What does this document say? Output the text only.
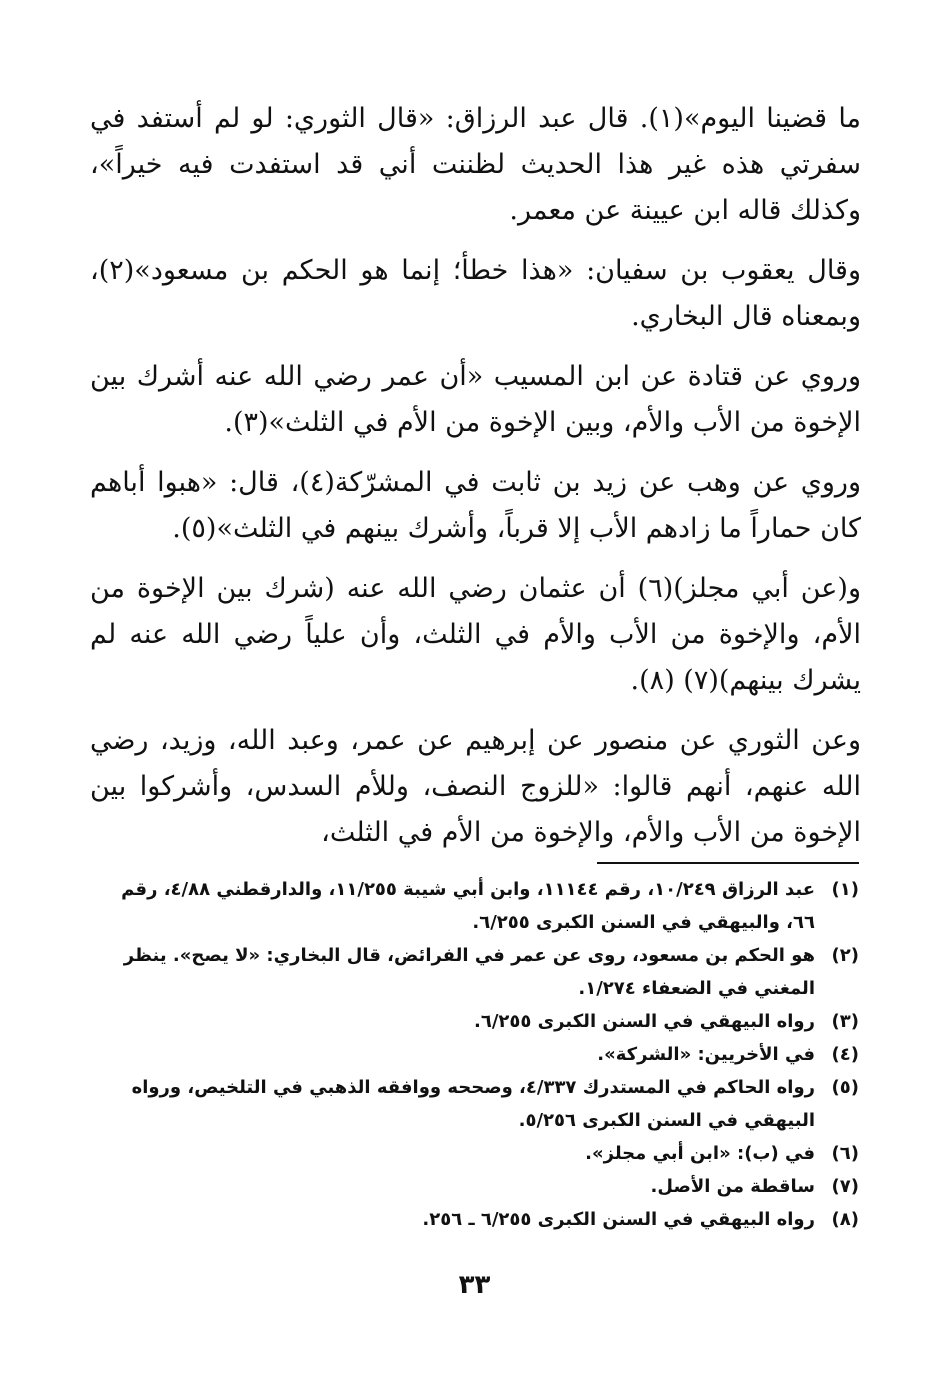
ما قضينا اليوم»(١). قال عبد الرزاق: «قال الثوري: لو لم أستفد في سفرتي هذه غير هذا الحديث لظننت أني قد استفدت فيه خيراً»، وكذلك قاله ابن عيينة عن معمر.

وقال يعقوب بن سفيان: «هذا خطأ؛ إنما هو الحكم بن مسعود»(٢)، وبمعناه قال البخاري.

وروي عن قتادة عن ابن المسيب «أن عمر رضي الله عنه أشرك بين الإخوة من الأب والأم، وبين الإخوة من الأم في الثلث»(٣).

وروي عن وهب عن زيد بن ثابت في المشرّكة(٤)، قال: «هبوا أباهم كان حماراً ما زادهم الأب إلا قرباً، وأشرك بينهم في الثلث»(٥).

و(عن أبي مجلز)(٦) أن عثمان رضي الله عنه (شرك بين الإخوة من الأم، والإخوة من الأب والأم في الثلث، وأن علياً رضي الله عنه لم يشرك بينهم)(٧) (٨).

وعن الثوري عن منصور عن إبرهيم عن عمر، وعبد الله، وزيد، رضي الله عنهم، أنهم قالوا: «للزوج النصف، وللأم السدس، وأشركوا بين الإخوة من الأب والأم، والإخوة من الأم في الثلث،

(١)
عبد الرزاق ١٠/٢٤٩، رقم ١١١٤٤، وابن أبي شيبة ١١/٢٥٥، والدارقطني ٤/٨٨، رقم ٦٦، والبيهقي في السنن الكبرى ٦/٢٥٥.
(٢)
هو الحكم بن مسعود، روى عن عمر في الفرائض، قال البخاري: «لا يصح». ينظر المغني في الضعفاء ١/٢٧٤.
(٣)
رواه البيهقي في السنن الكبرى ٦/٢٥٥.
(٤)
في الأخريين: «الشركة».
(٥)
رواه الحاكم في المستدرك ٤/٣٣٧، وصححه ووافقه الذهبي في التلخيص، ورواه البيهقي في السنن الكبرى ٥/٢٥٦.
(٦)
في (ب): «ابن أبي مجلز».
(٧)
ساقطة من الأصل.
(٨)
رواه البيهقي في السنن الكبرى ٦/٢٥٥ ـ ٢٥٦.
٣٣
